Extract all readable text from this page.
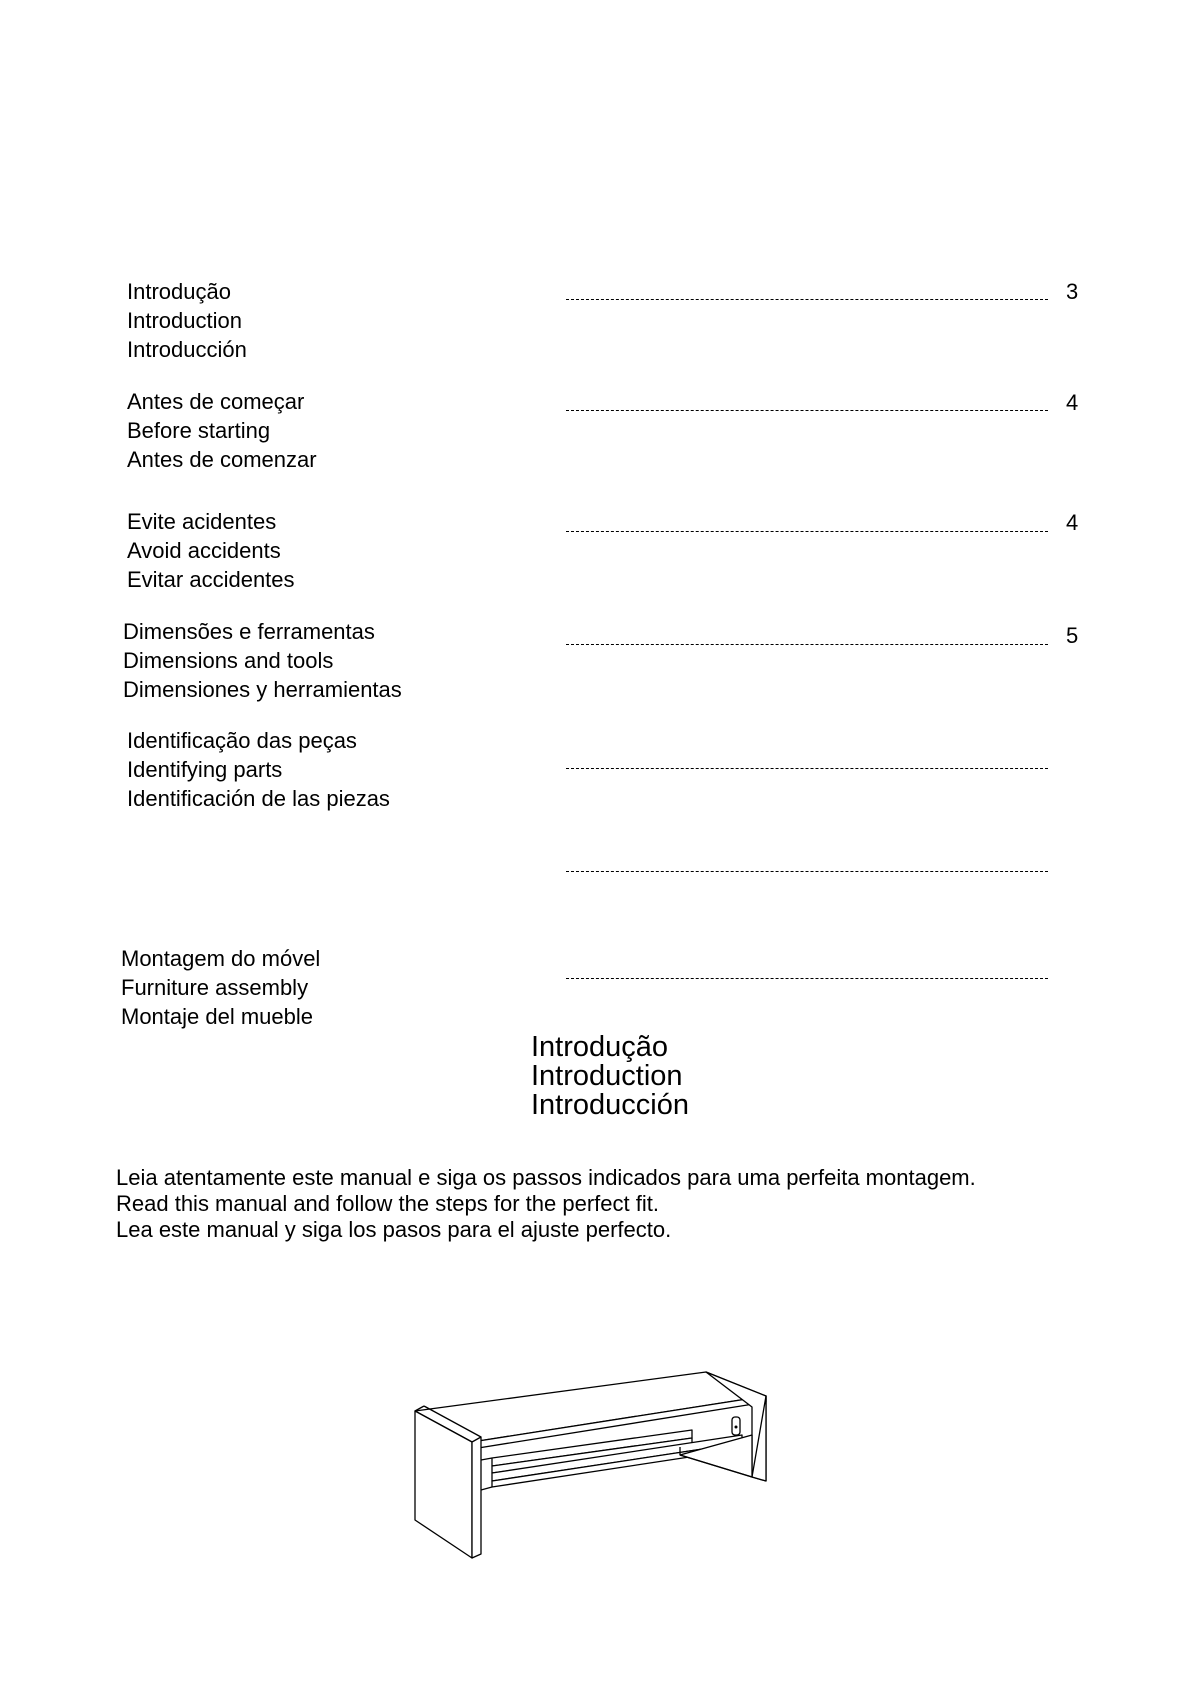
Introdução
Introduction
Introducción
3
Antes de começar
Before starting
Antes de comenzar
4
Evite acidentes
Avoid accidents
Evitar accidentes
4
Dimensões e ferramentas
Dimensions and tools
Dimensiones y herramientas
5
Identificação das peças
Identifying parts
Identificación de las piezas
Montagem do móvel
Furniture assembly
Montaje del mueble
Introdução
Introduction
Introducción
Leia atentamente este manual e siga os passos indicados para uma perfeita montagem.
Read this manual and follow the steps for the perfect fit.
Lea este manual y siga los pasos para el ajuste perfecto.
